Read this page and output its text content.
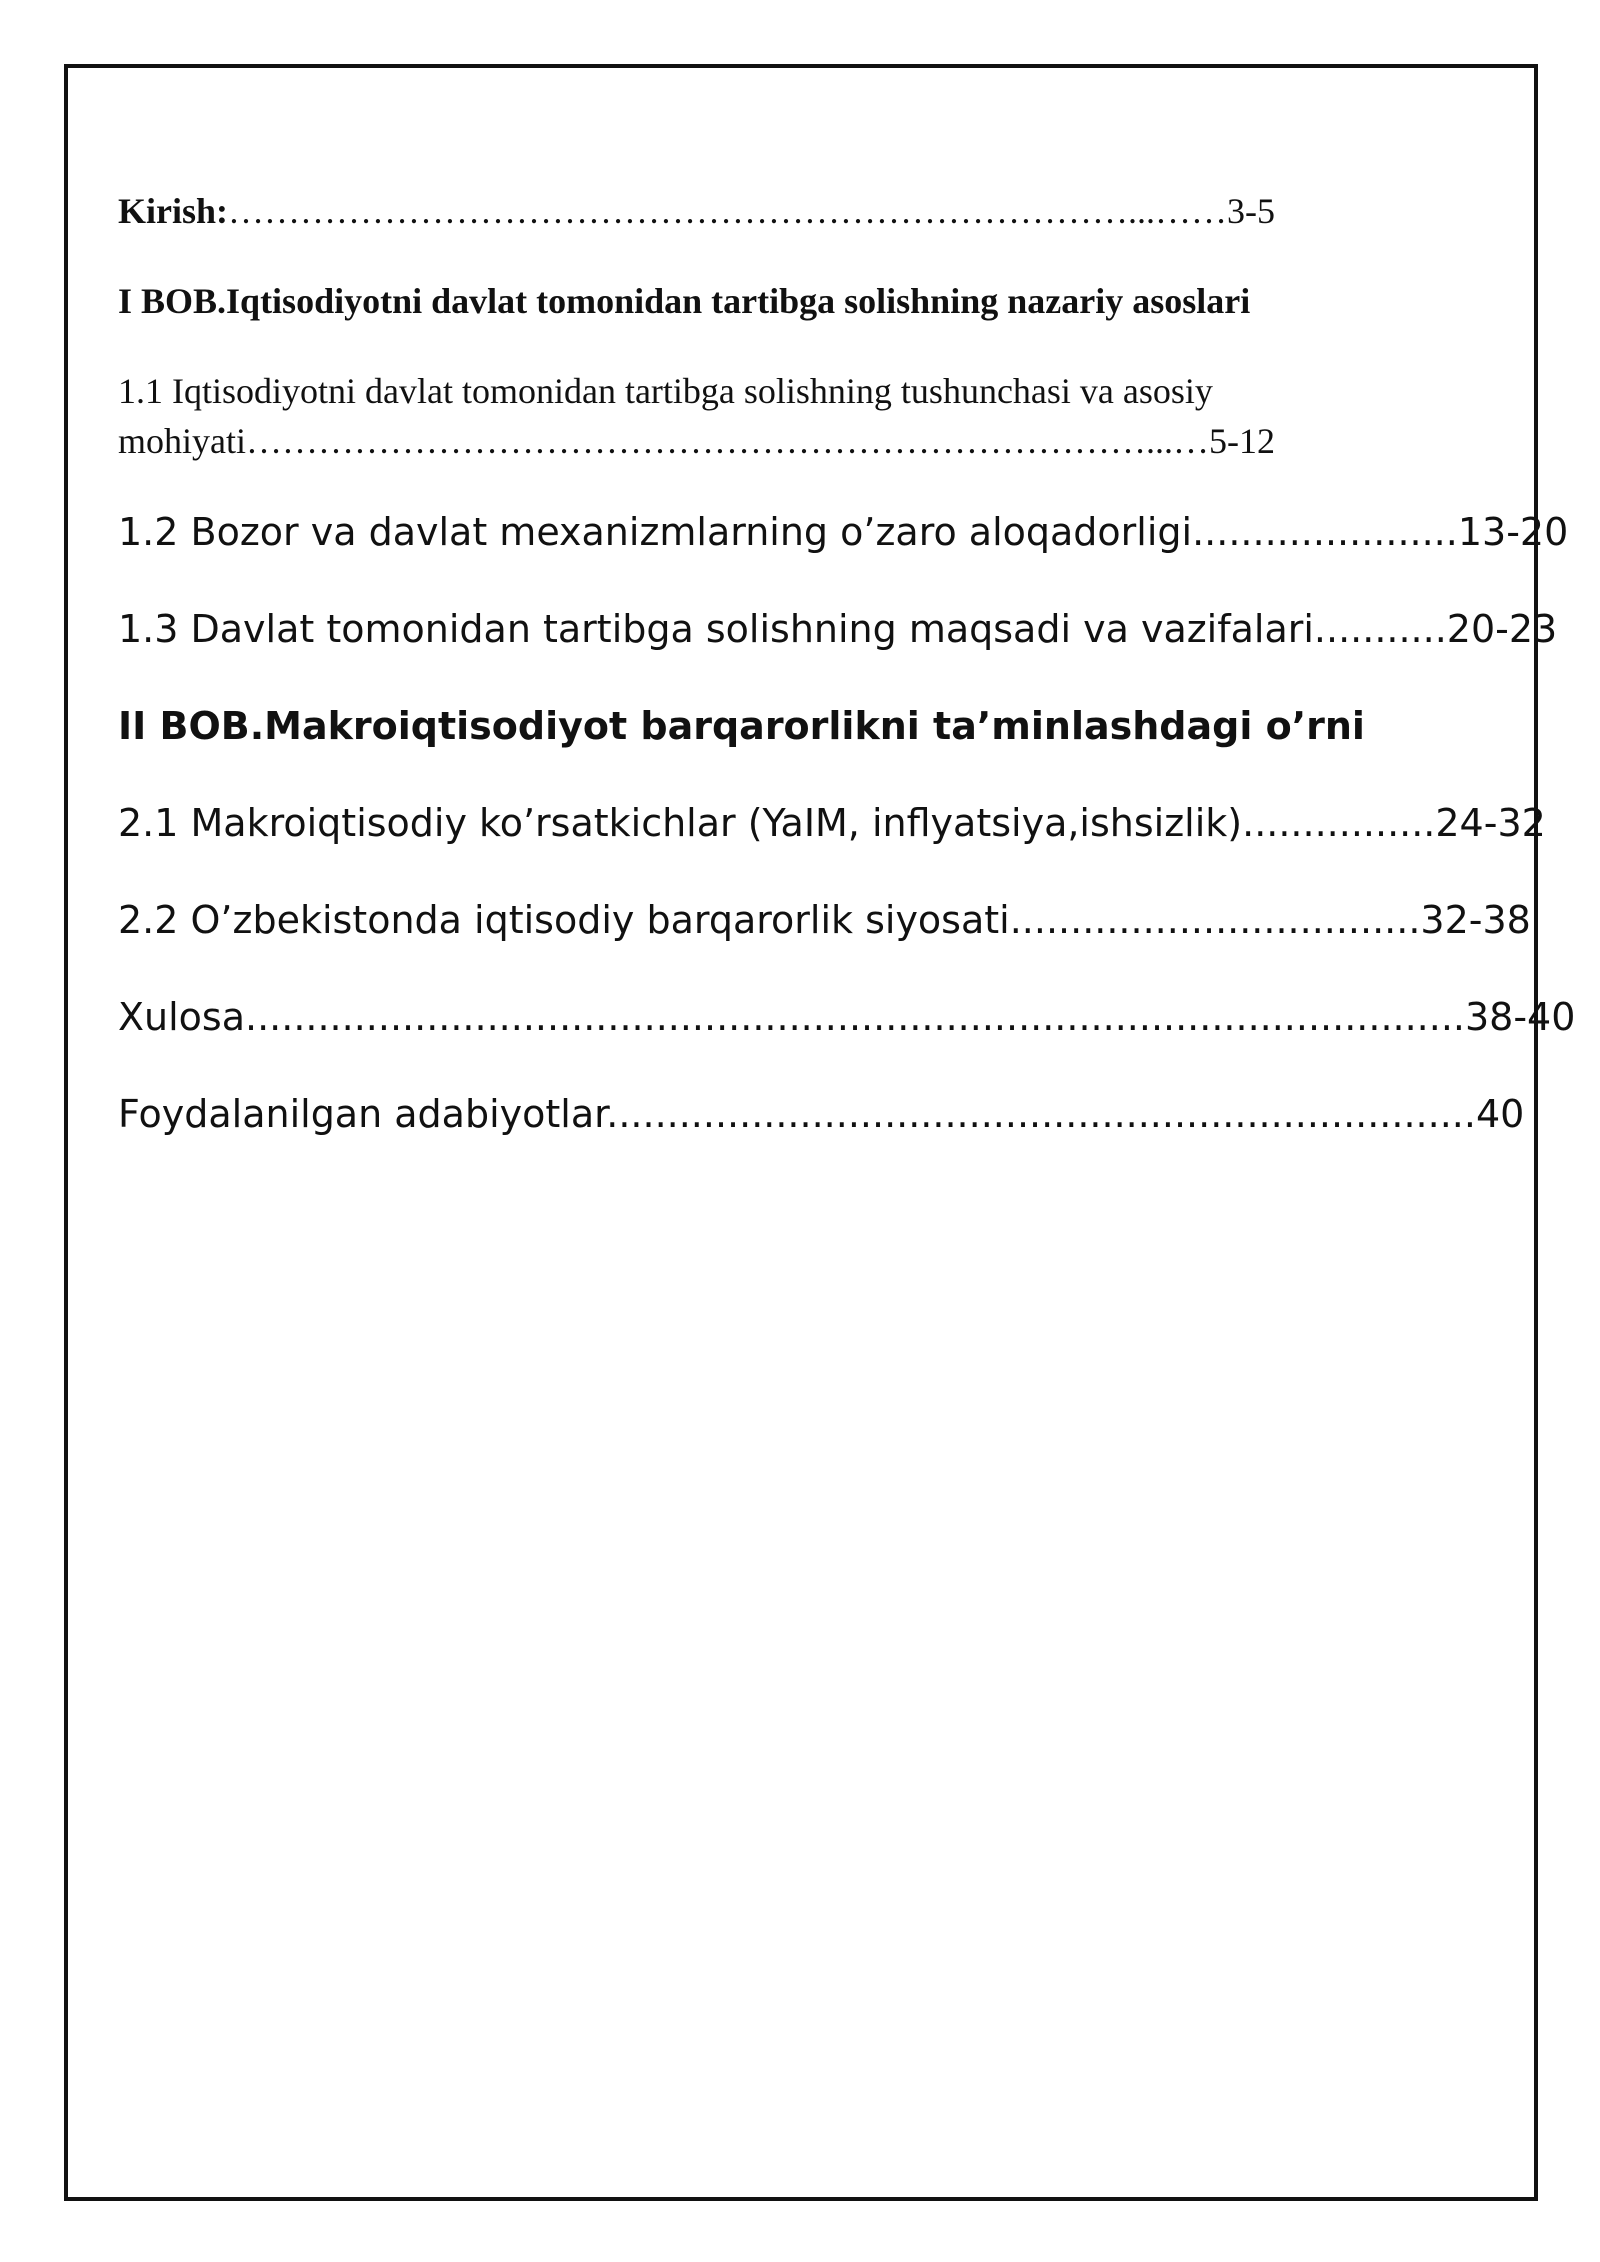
Kirish:…………………………………………………………………...……3-5
I BOB.Iqtisodiyotni davlat tomonidan tartibga solishning nazariy asoslari
1.1 Iqtisodiyotni davlat tomonidan tartibga solishning tushunchasi va asosiy
mohiyati…………………………………………………………………...…5-12
1.2 Bozor va davlat mexanizmlarning o’zaro aloqadorligi......................13-20
1.3 Davlat tomonidan tartibga solishning maqsadi va vazifalari...........20-23
II BOB.Makroiqtisodiyot barqarorlikni ta’minlashdagi o’rni
2.1 Makroiqtisodiy ko’rsatkichlar (YaIM, inflyatsiya,ishsizlik)................24-32
2.2 O’zbekistonda iqtisodiy barqarorlik siyosati..................................32-38
Xulosa.....................................................................................................38-40
Foydalanilgan adabiyotlar........................................................................40
